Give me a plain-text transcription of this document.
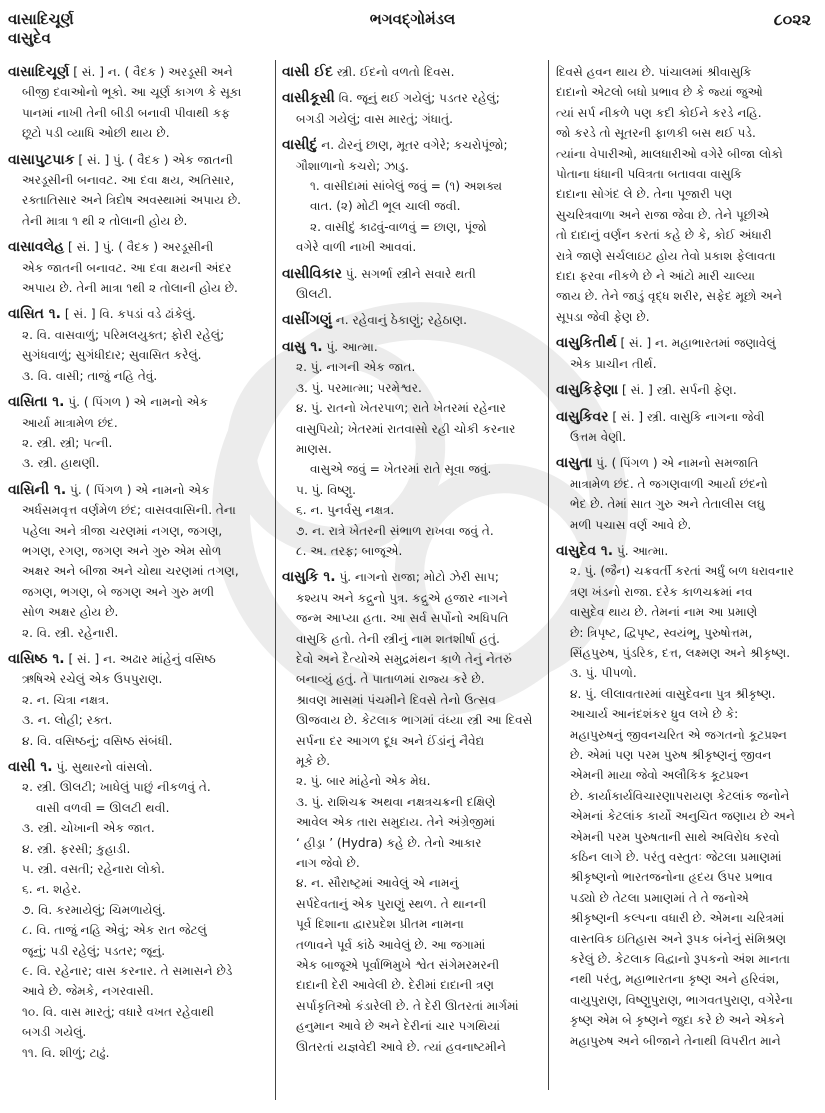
વાસાદિચૂર્ણ
વાસુદેવ
ભગવદ્ગોમંડલ	૮૦૨૨
વાસાદિચૂર્ણ [ સં. ] ન. ( વૈદક ) અરડૂસી અને
બીજી દવાઓનો ભૂકો. આ ચૂર્ણ કાગળ કે સૂકા
પાનમાં નાખી તેની બીડી બનાવી પીવાથી કફ
છૂટો પડી વ્યાધિ ઓછી થાય છે.
વાસાપુટપાક [ સં. ] પું. ( વૈદક ) એક જાતની
અરડૂસીની બનાવટ. આ દવા ક્ષય, અતિસાર,
રક્તાતિસાર અને ત્રિદોષ અવસ્થામાં અપાય છે.
તેની માત્રા ૧ થી ૨ તોલાની હોય છે.
વાસાવલેહ [ સં. ] પું. ( વૈદક ) અરડૂસીની
એક જાતની બનાવટ. આ દવા ક્ષયની અંદર
અપાય છે. તેની માત્રા ૧થી ૨ તોલાની હોય છે.
વાસિત ૧. [ સં. ] વિ. કપડાં વડે ઢાંકેલું.
૨. વિ. વાસવાળું; પરિમલયુક્ત; ફોરી રહેલું;
સુગંધવાળું; સુગંધીદાર; સુવાસિત કરેલું.
૩. વિ. વાસી; તાજું નહિ તેવું.
વાસિતા ૧. પું. ( પિંગળ ) એ નામનો એક
આર્યા માત્રામેળ છંદ.
૨. સ્ત્રી. સ્ત્રી; પત્ની.
૩. સ્ત્રી. હાથણી.
વાસિની ૧. પું. ( પિંગળ ) એ નામનો એક
અર્ધસમવૃત્ત વર્ણમેળ છંદ; વાસવવાસિની. તેના
પહેલા અને ત્રીજા ચરણમાં નગણ, જગણ,
ભગણ, રગણ, જગણ અને ગુરુ એમ સોળ
અક્ષર અને બીજા અને ચોથા ચરણમાં તગણ,
જગણ, ભગણ, બે જગણ અને ગુરુ મળી
સોળ અક્ષર હોય છે.
૨. વિ. સ્ત્રી. રહેનારી.
વાસિષ્ઠ ૧. [ સં. ] ન. અઢાર માંહેનું વસિષ્ઠ
ઋષિએ રચેલું એક ઉપપુરાણ.
૨. ન. ચિત્રા નક્ષત્ર.
૩. ન. લોહી; રક્ત.
૪. વિ. વસિષ્ઠનું; વસિષ્ઠ સંબંધી.
વાસી ૧. પું. સુથારનો વાંસલો.
૨. સ્ત્રી. ઊલટી; ખાધેલું પાછું નીકળવું તે.
વાસી વળવી = ઊલટી થવી.
૩. સ્ત્રી. ચોખાની એક જાત.
૪. સ્ત્રી. ફરસી; કુહાડી.
૫. સ્ત્રી. વસતી; રહેનારા લોકો.
૬. ન. શહેર.
૭. વિ. કરમાયેલું; ચિમળાયેલું.
૮. વિ. તાજું નહિ એવું; એક રાત જેટલું
જૂનું; પડી રહેલું; પડતર; જૂનું.
૯. વિ. રહેનાર; વાસ કરનાર. તે સમાસને છેડે
આવે છે. જેમકે, નગરવાસી.
૧૦. વિ. વાસ મારતું; વધારે વખત રહેવાથી
બગડી ગયેલું.
૧૧. વિ. શીળું; ટાઢું.
વાસી ઈદ સ્ત્રી. ઈદનો વળતો દિવસ.
વાસીકૂસી વિ. જૂનું થઈ ગયેલું; પડતર રહેલું;
બગડી ગયેલું; વાસ મારતું; ગંધાતું.
વાસીદું ન. ઢોરનું છાણ, મૂતર વગેરે; કચરોપૂંજો;
ગૌશાળાનો કચરો; ઝાડુ.
૧. વાસીદામાં સાંબેલું જવું = (૧) અશક્ય
વાત. (૨) મોટી ભૂલ ચાલી જવી.
૨. વાસીદું કાઢવું-વાળવું = છાણ, પૂંજો
વગેરે વાળી નાખી આવવાં.
વાસીવિકાર પું. સગર્ભા સ્ત્રીને સવારે થતી
ઊલટી.
વાસીંગણું ન. રહેવાનું ઠેકાણું; રહેઠાણ.
વાસુ ૧. પું. આત્મા.
૨. પું. નાગની એક જાત.
૩. પું. પરમાત્મા; પરમેશ્વર.
૪. પું. રાતનો ખેતરપાળ; રાતે ખેતરમાં રહેનાર
વાસુપિયો; ખેતરમાં રાતવાસો રહી ચોકી કરનાર
માણસ.
વાસુએ જવું = ખેતરમાં રાતે સૂવા જવું.
૫. પું. વિષ્ણુ.
૬. ન. પુનર્વસુ નક્ષત્ર.
૭. ન. રાત્રે ખેતરની સંભાળ રાખવા જવું તે.
૮. અ. તરફ; બાજૂએ.
વાસુકિ ૧. પું. નાગનો રાજા; મોટો ઝેરી સાપ;
કશ્યપ અને કદ્રુનો પુત્ર. કદ્રુએ હજાર નાગને
જન્મ આપ્યા હતા. આ સર્વ સર્પોનો અધિપતિ
વાસુકિ હતો. તેની સ્ત્રીનું નામ શતશીર્ષા હતું.
દેવો અને દૈત્યોએ સમુદ્રમંથન કાળે તેનું નેતરું
બનાવ્યું હતું. તે પાતાળમાં રાજ્ય કરે છે.
શ્રાવણ માસમાં પંચમીને દિવસે તેનો ઉત્સવ
ઊજવાય છે. કેટલાક ભાગમાં વંધ્યા સ્ત્રી આ દિવસે
સર્પના દર આગળ દૂધ અને ઈંડાંનું નૈવેદ્ય
મૂકે છે.
૨. પું. બાર માંહેનો એક મેઘ.
૩. પું. રાશિચક્ર અથવા નક્ષત્રચક્રની દક્ષિણે
આવેલ એક તારા સમુદાય. તેને અંગ્રેજીમાં
‘ હીડ્રા ’ (Hydra) કહે છે. તેનો આકાર
નાગ જેવો છે.
૪. ન. સૌરાષ્ટ્રમાં આવેલું એ નામનું
સર્પદેવતાનું એક પુરાણું સ્થળ. તે થાનની
પૂર્વ દિશાના દ્વારપ્રદેશ પ્રીતમ નામના
તળાવને પૂર્વ કાંઠે આવેલું છે. આ જગામાં
એક બાજૂએ પૂર્વાભિમુખે શ્વેત સંગેમરમરની
દાદાની દેરી આવેલી છે. દેરીમાં દાદાની ત્રણ
સર્પાકૃતિઓ કંડારેલી છે. તે દેરી ઊતરતાં માર્ગમાં
હનુમાન આવે છે અને દેરીનાં ચાર પગથિયાં
ઊતરતાં યજ્ઞવેદી આવે છે. ત્યાં હવનાષ્ટમીને
દિવસે હવન થાય છે. પાંચાલમાં શ્રીવાસુકિ
દાદાનો એટલો બધો પ્રભાવ છે કે જ્યાં જુઓ
ત્યાં સર્પ નીકળે પણ કદી કોઈને કરડે નહિ.
જો કરડે તો સૂતરની ફાળકી બસ થઈ પડે.
ત્યાંના વેપારીઓ, માલધારીઓ વગેરે બીજા લોકો
પોતાના ધંધાની પવિત્રતા બતાવવા વાસુકિ
દાદાના સોગંદ લે છે. તેના પૂજારી પણ
સુચરિત્રવાળા અને રાજા જેવા છે. તેને પૂછીએ
તો દાદાનું વર્ણન કરતાં કહે છે કે, કોઈ અંધારી
રાત્રે જાણે સર્ચલાઇટ હોય તેવો પ્રકાશ ફેલાવતા
દાદા ફરવા નીકળે છે ને આંટો મારી ચાલ્યા
જાય છે. તેને જાડું વૃદ્ધ શરીર, સફેદ મૂછો અને
સૂપડા જેવી ફેણ છે.
વાસુકિતીર્થ [ સં. ] ન. મહાભારતમાં જણાવેલું
એક પ્રાચીન તીર્થ.
વાસુકિફેણા [ સં. ] સ્ત્રી. સર્પની ફેણ.
વાસુકિવર [ સં. ] સ્ત્રી. વાસુકિ નાગના જેવી
ઉત્તમ વેણી.
વાસુતા પું. ( પિંગળ ) એ નામનો સમજાતિ
માત્રામેળ છંદ. તે જગણવાળી આર્યા છંદનો
ભેદ છે. તેમાં સાત ગુરુ અને તેતાલીસ લઘુ
મળી પચાસ વર્ણ આવે છે.
વાસુદેવ ૧. પું. આત્મા.
૨. પું. (જૈન) ચક્રવર્તી કરતાં અર્ધું બળ ધરાવનાર
ત્રણ ખંડનો રાજા. દરેક કાળચક્રમાં નવ
વાસુદેવ થાય છે. તેમનાં નામ આ પ્રમાણે
છે: ત્રિપૃષ્ટ, દ્વિપૃષ્ટ, સ્વયંભૂ, પુરુષોત્તમ,
સિંહપુરુષ, પુંડરિક, દત્ત, લક્ષ્મણ અને શ્રીકૃષ્ણ.
૩. પું. પીપળો.
૪. પું. લીલાવતારમાં વાસુદેવના પુત્ર શ્રીકૃષ્ણ.
આચાર્ય આનંદશંકર ધ્રુવ લખે છે કે:
મહાપુરુષનું જીવનચરિત એ જગતનો કૂટપ્રશ્ન
છે. એમાં પણ પરમ પુરુષ શ્રીકૃષ્ણનું જીવન
એમની માયા જેવો અલૌકિક કૂટપ્રશ્ન
છે. કાર્યાકાર્યવિચારણાપરાયણ કેટલાંક જનોને
એમનાં કેટલાંક કાર્યો અનુચિત જણાય છે અને
એમની પરમ પુરુષતાની સાથે અવિરોધ કરવો
કઠિન લાગે છે. પરંતુ વસ્તુતઃ જેટલા પ્રમાણમાં
શ્રીકૃષ્ણનો ભારતજનોના હૃદય ઉપર પ્રભાવ
પડ્યો છે તેટલા પ્રમાણમાં તે તે જનોએ
શ્રીકૃષ્ણની કલ્પના વધારી છે. એમના ચરિત્રમાં
વાસ્તવિક ઇતિહાસ અને રૂપક બંનેનું સંમિશ્રણ
કરેલું છે. કેટલાક વિદ્વાનો રૂપકનો અંશ માનતા
નથી પરંતુ, મહાભારતના કૃષ્ણ અને હરિવંશ,
વાયુપુરાણ, વિષ્ણુપુરાણ, ભાગવતપુરાણ, વગેરેના
કૃષ્ણ એમ બે કૃષ્ણને જુદા કરે છે અને એકને
મહાપુરુષ અને બીજાને તેનાથી વિપરીત માને
